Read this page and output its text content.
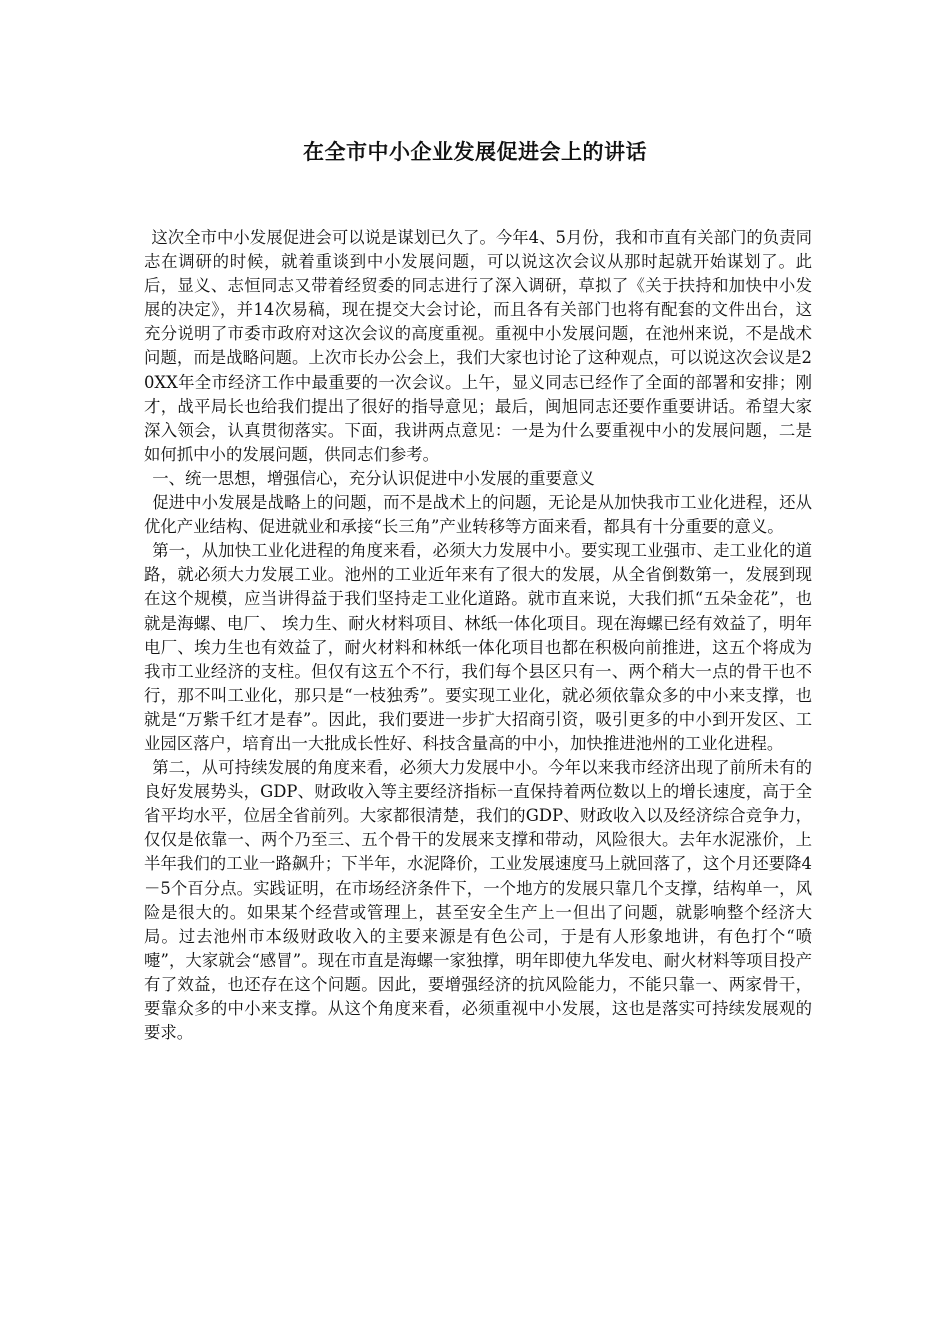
在全市中小企业发展促进会上的讲话

这次全市中小发展促进会可以说是谋划已久了。今年4、5月份，我和市直有关部门的负责同志在调研的时候，就着重谈到中小发展问题，可以说这次会议从那时起就开始谋划了。此后，显义、志恒同志又带着经贸委的同志进行了深入调研，草拟了《关于扶持和加快中小发展的决定》，并14次易稿，现在提交大会讨论，而且各有关部门也将有配套的文件出台，这充分说明了市委市政府对这次会议的高度重视。重视中小发展问题，在池州来说，不是战术问题，而是战略问题。上次市长办公会上，我们大家也讨论了这种观点，可以说这次会议是20XX年全市经济工作中最重要的一次会议。上午，显义同志已经作了全面的部署和安排；刚才，战平局长也给我们提出了很好的指导意见；最后，闽旭同志还要作重要讲话。希望大家深入领会，认真贯彻落实。下面，我讲两点意见：一是为什么要重视中小的发展问题，二是如何抓中小的发展问题，供同志们参考。

一、统一思想，增强信心，充分认识促进中小发展的重要意义

促进中小发展是战略上的问题，而不是战术上的问题，无论是从加快我市工业化进程，还从优化产业结构、促进就业和承接“长三角”产业转移等方面来看，都具有十分重要的意义。

第一，从加快工业化进程的角度来看，必须大力发展中小。要实现工业强市、走工业化的道路，就必须大力发展工业。池州的工业近年来有了很大的发展，从全省倒数第一，发展到现在这个规模，应当讲得益于我们坚持走工业化道路。就市直来说，大我们抓“五朵金花”，也就是海螺、电厂、 埃力生、耐火材料项目、林纸一体化项目。现在海螺已经有效益了，明年电厂、埃力生也有效益了，耐火材料和林纸一体化项目也都在积极向前推进，这五个将成为我市工业经济的支柱。但仅有这五个不行，我们每个县区只有一、两个稍大一点的骨干也不行，那不叫工业化，那只是“一枝独秀”。要实现工业化，就必须依靠众多的中小来支撑，也就是“万紫千红才是春”。因此，我们要进一步扩大招商引资，吸引更多的中小到开发区、工业园区落户，培育出一大批成长性好、科技含量高的中小，加快推进池州的工业化进程。

第二，从可持续发展的角度来看，必须大力发展中小。今年以来我市经济出现了前所未有的良好发展势头，GDP、财政收入等主要经济指标一直保持着两位数以上的增长速度，高于全省平均水平，位居全省前列。大家都很清楚，我们的GDP、财政收入以及经济综合竞争力，仅仅是依靠一、两个乃至三、五个骨干的发展来支撑和带动，风险很大。去年水泥涨价，上半年我们的工业一路飙升；下半年，水泥降价，工业发展速度马上就回落了，这个月还要降4－5个百分点。实践证明，在市场经济条件下，一个地方的发展只靠几个支撑，结构单一，风险是很大的。如果某个经营或管理上，甚至安全生产上一但出了问题，就影响整个经济大局。过去池州市本级财政收入的主要来源是有色公司，于是有人形象地讲，有色打个“喷嚏”，大家就会“感冒”。现在市直是海螺一家独撑，明年即使九华发电、耐火材料等项目投产有了效益，也还存在这个问题。因此，要增强经济的抗风险能力，不能只靠一、两家骨干，要靠众多的中小来支撑。从这个角度来看，必须重视中小发展，这也是落实可持续发展观的要求。
